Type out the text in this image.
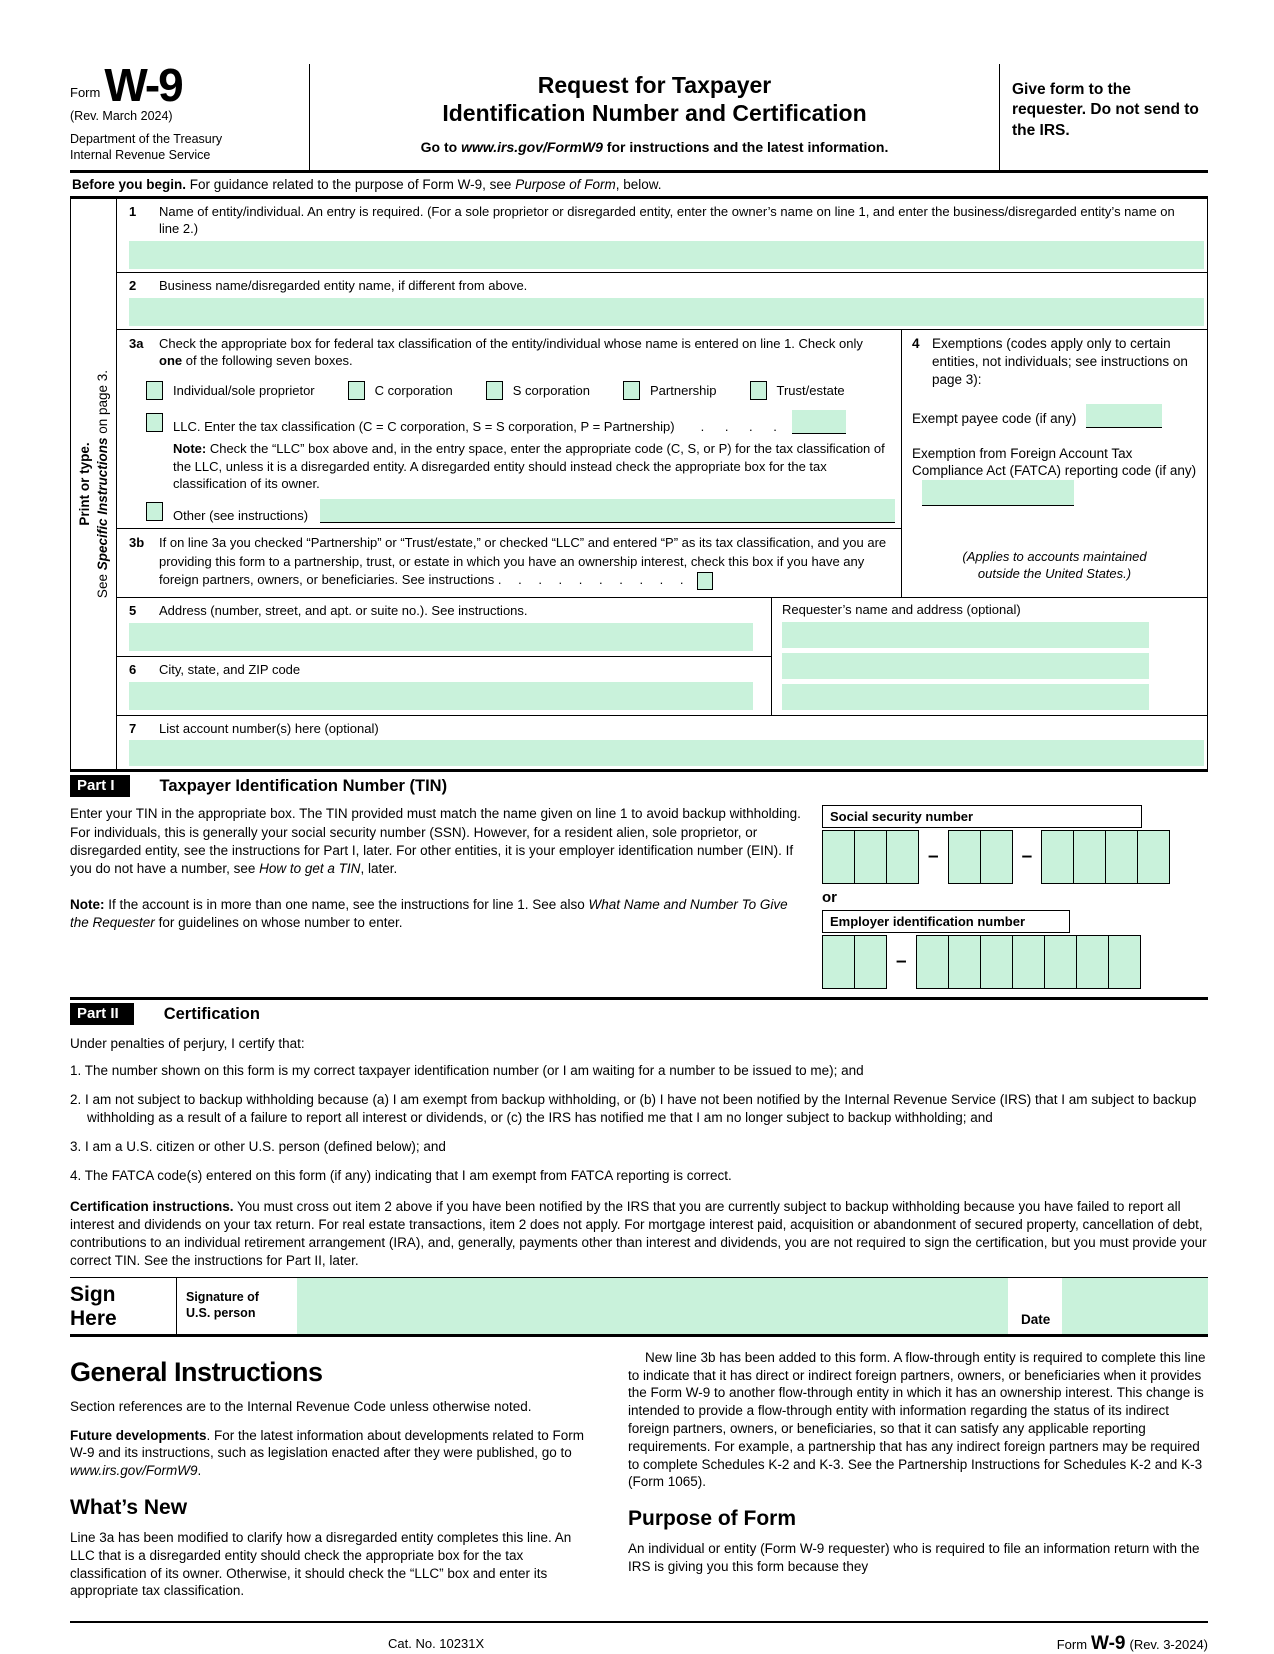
Form W-9
(Rev. March 2024)
Department of the Treasury
Internal Revenue Service
Request for Taxpayer
Identification Number and Certification
Go to www.irs.gov/FormW9 for instructions and the latest information.
Give form to the requester. Do not send to the IRS.
Before you begin. For guidance related to the purpose of Form W-9, see Purpose of Form, below.
Print or type.
See Specific Instructions on page 3.
1	Name of entity/individual. An entry is required. (For a sole proprietor or disregarded entity, enter the owner’s name on line 1, and enter the business/disregarded entity’s name on line 2.)
2	Business name/disregarded entity name, if different from above.
3a	Check the appropriate box for federal tax classification of the entity/individual whose name is entered on line 1. Check only one of the following seven boxes.
Individual/sole proprietor	C corporation	S corporation	Partnership	Trust/estate
LLC. Enter the tax classification (C = C corporation, S = S corporation, P = Partnership) . . . .
Note: Check the “LLC” box above and, in the entry space, enter the appropriate code (C, S, or P) for the tax classification of the LLC, unless it is a disregarded entity. A disregarded entity should instead check the appropriate box for the tax classification of its owner.
Other (see instructions)
3b	If on line 3a you checked “Partnership” or “Trust/estate,” or checked “LLC” and entered “P” as its tax classification, and you are providing this form to a partnership, trust, or estate in which you have an ownership interest, check this box if you have any foreign partners, owners, or beneficiaries. See instructions . . . . . . . . . .
4 Exemptions (codes apply only to certain entities, not individuals; see instructions on page 3):
Exempt payee code (if any)
Exemption from Foreign Account Tax Compliance Act (FATCA) reporting code (if any)
(Applies to accounts maintained
outside the United States.)
5	Address (number, street, and apt. or suite no.). See instructions.
6	City, state, and ZIP code
Requester’s name and address (optional)
7	List account number(s) here (optional)
Part I	Taxpayer Identification Number (TIN)
Enter your TIN in the appropriate box. The TIN provided must match the name given on line 1 to avoid backup withholding. For individuals, this is generally your social security number (SSN). However, for a resident alien, sole proprietor, or disregarded entity, see the instructions for Part I, later. For other entities, it is your employer identification number (EIN). If you do not have a number, see How to get a TIN, later.
Note: If the account is in more than one name, see the instructions for line 1. See also What Name and Number To Give the Requester for guidelines on whose number to enter.
Social security number
–	–
or
Employer identification number
–
Part II	Certification
Under penalties of perjury, I certify that:
1. The number shown on this form is my correct taxpayer identification number (or I am waiting for a number to be issued to me); and
2. I am not subject to backup withholding because (a) I am exempt from backup withholding, or (b) I have not been notified by the Internal Revenue Service (IRS) that I am subject to backup withholding as a result of a failure to report all interest or dividends, or (c) the IRS has notified me that I am no longer subject to backup withholding; and
3. I am a U.S. citizen or other U.S. person (defined below); and
4. The FATCA code(s) entered on this form (if any) indicating that I am exempt from FATCA reporting is correct.
Certification instructions. You must cross out item 2 above if you have been notified by the IRS that you are currently subject to backup withholding because you have failed to report all interest and dividends on your tax return. For real estate transactions, item 2 does not apply. For mortgage interest paid, acquisition or abandonment of secured property, cancellation of debt, contributions to an individual retirement arrangement (IRA), and, generally, payments other than interest and dividends, you are not required to sign the certification, but you must provide your correct TIN. See the instructions for Part II, later.
Sign
Here
Signature of
U.S. person	Date
General Instructions
Section references are to the Internal Revenue Code unless otherwise noted.
Future developments. For the latest information about developments related to Form W-9 and its instructions, such as legislation enacted after they were published, go to www.irs.gov/FormW9.
What’s New
Line 3a has been modified to clarify how a disregarded entity completes this line. An LLC that is a disregarded entity should check the appropriate box for the tax classification of its owner. Otherwise, it should check the “LLC” box and enter its appropriate tax classification.
New line 3b has been added to this form. A flow-through entity is required to complete this line to indicate that it has direct or indirect foreign partners, owners, or beneficiaries when it provides the Form W-9 to another flow-through entity in which it has an ownership interest. This change is intended to provide a flow-through entity with information regarding the status of its indirect foreign partners, owners, or beneficiaries, so that it can satisfy any applicable reporting requirements. For example, a partnership that has any indirect foreign partners may be required to complete Schedules K-2 and K-3. See the Partnership Instructions for Schedules K-2 and K-3 (Form 1065).
Purpose of Form
An individual or entity (Form W-9 requester) who is required to file an information return with the IRS is giving you this form because they
Cat. No. 10231X	Form W-9 (Rev. 3-2024)
